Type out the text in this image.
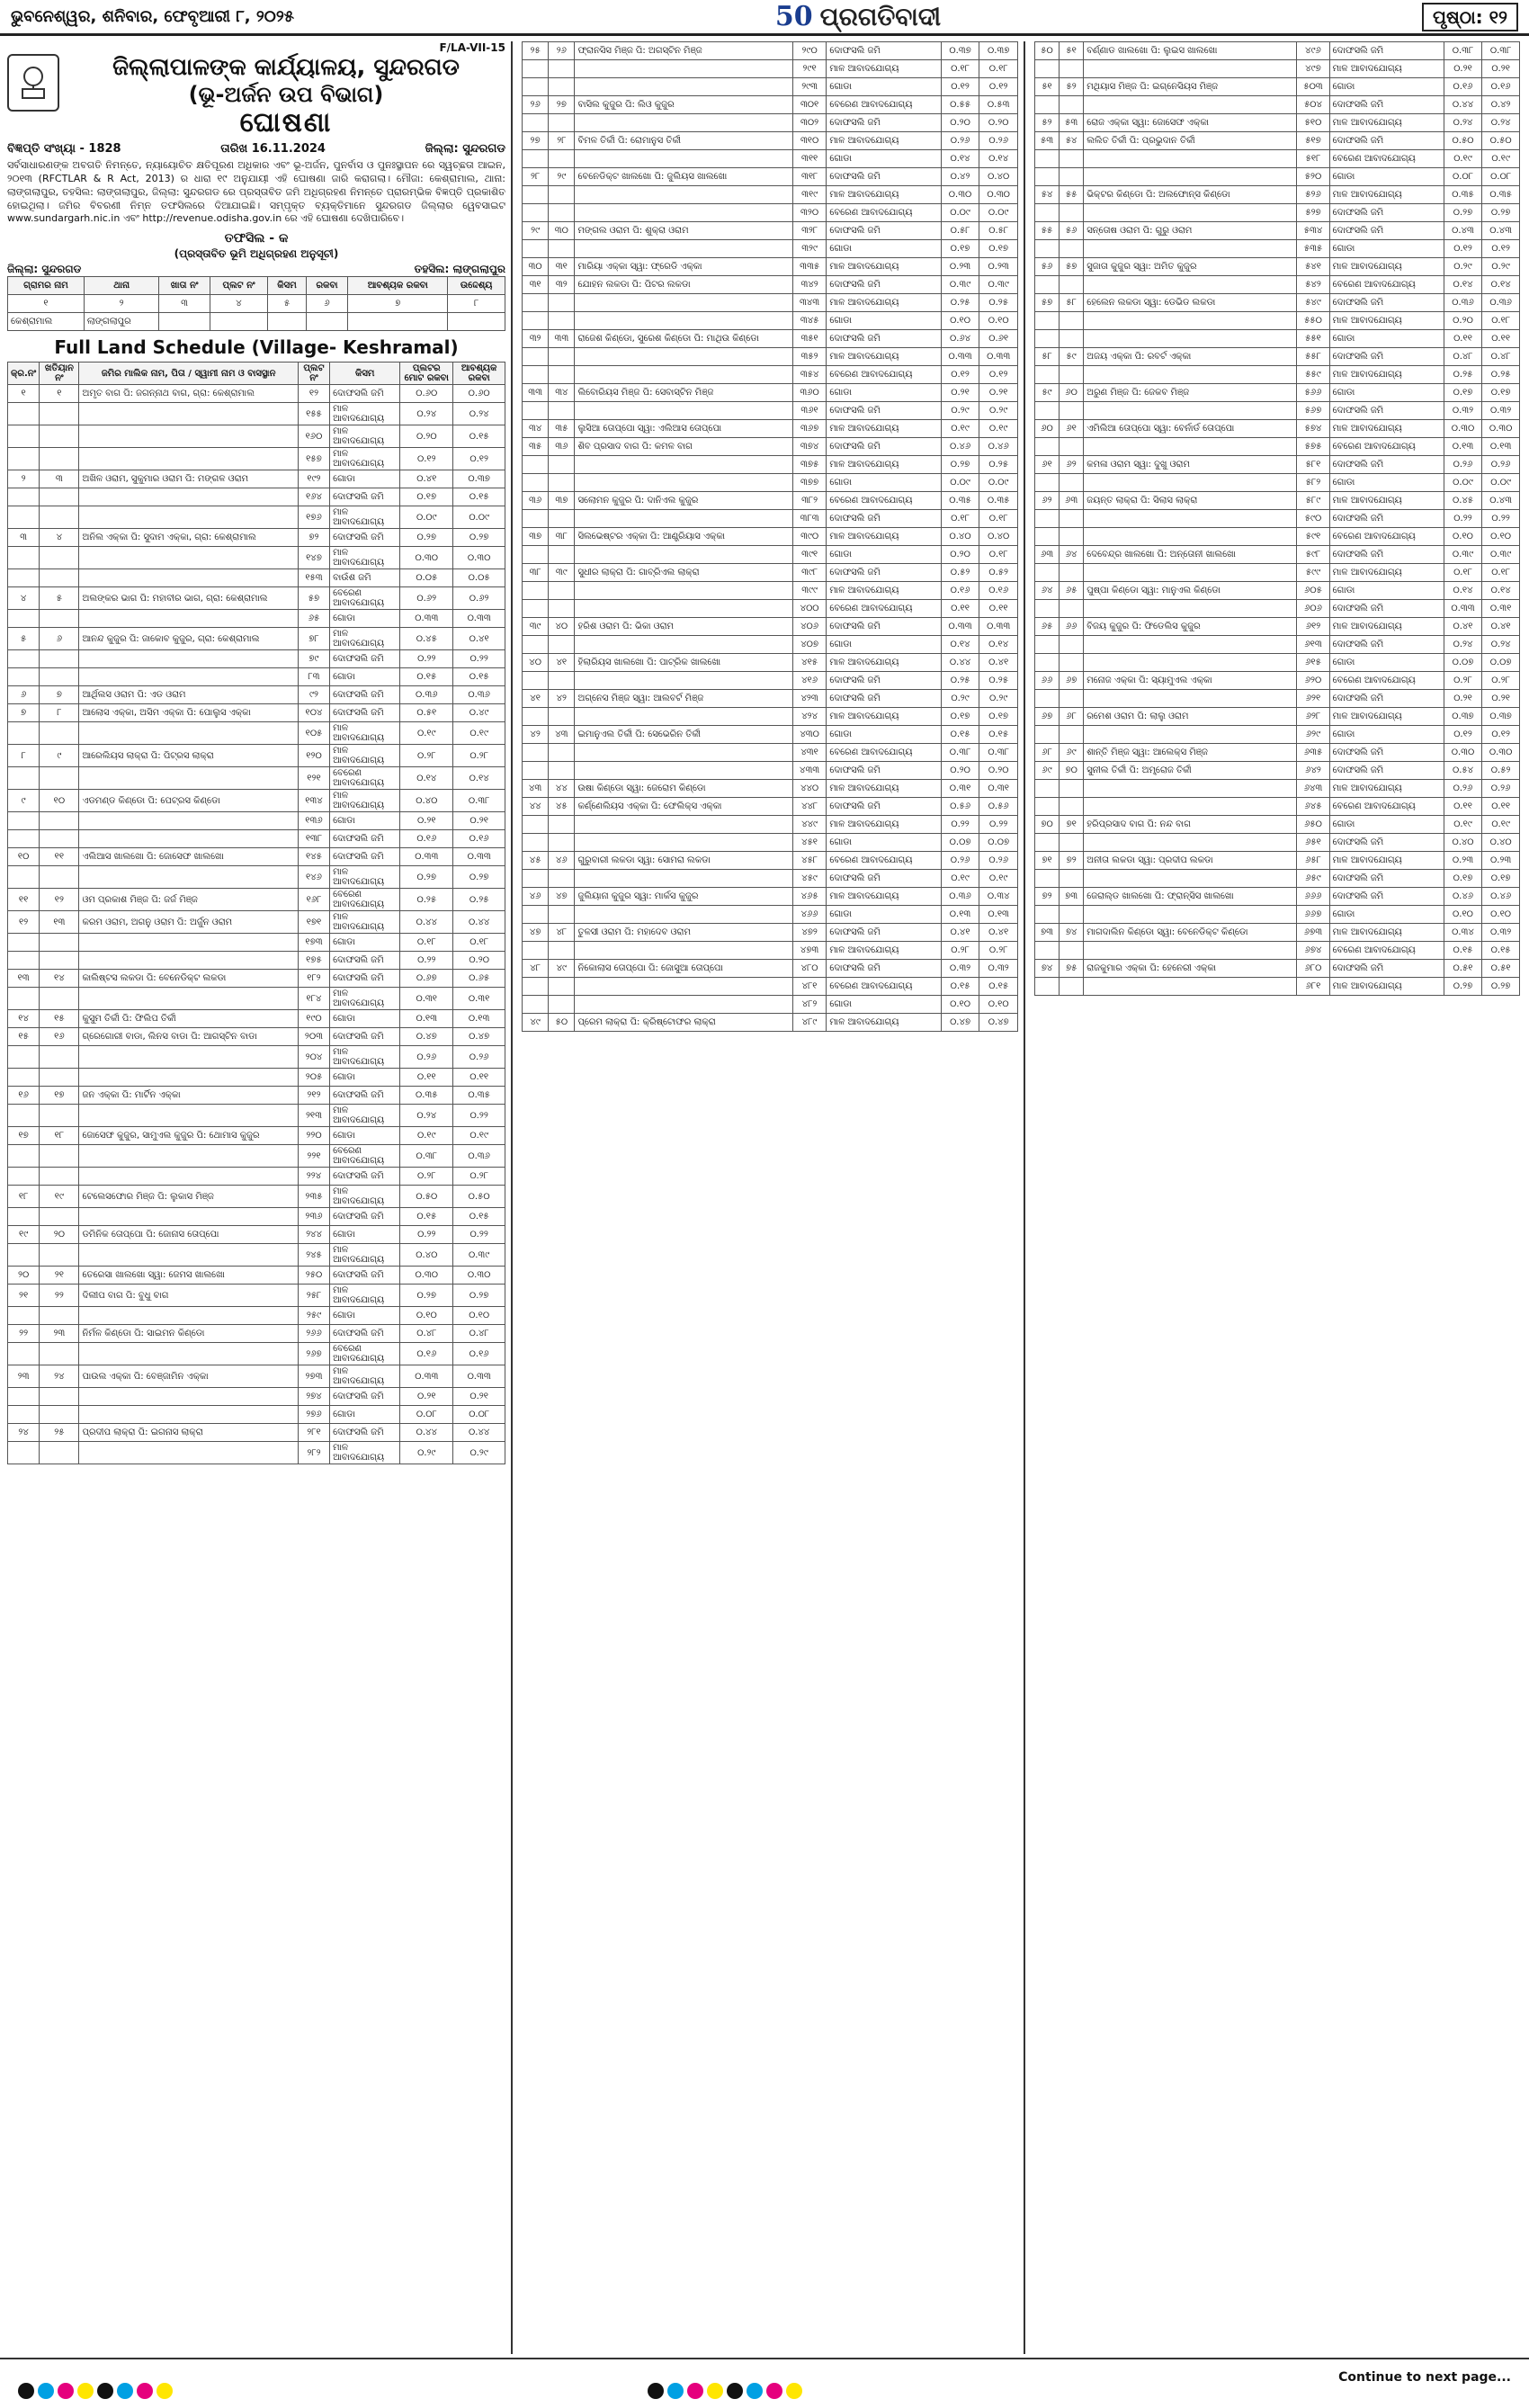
ଭୁବନେଶ୍ୱର, ଶନିବାର, ଫେବୃଆରୀ ୮, ୨୦୨୫	50 ପ୍ରଗତିବାଦୀ	ପୃଷ୍ଠା: ୧୨
F/LA-VII-15
ଜିଲ୍ଲାପାଳଙ୍କ କାର୍ଯ୍ୟାଳୟ, ସୁନ୍ଦରଗଡ
(ଭୂ-ଅର୍ଜନ ଉପ ବିଭାଗ)
ଘୋଷଣା
ବିଜ୍ଞପ୍ତି ସଂଖ୍ୟା - 1828	ତାରିଖ 16.11.2024	ଜିଲ୍ଲା: ସୁନ୍ଦରଗଡ
ସର୍ବସାଧାରଣଙ୍କ ଅବଗତି ନିମନ୍ତେ, ନ୍ୟାୟୋଚିତ କ୍ଷତିପୂରଣ ଅଧିକାର ଏବଂ ଭୂ-ଅର୍ଜନ, ପୁନର୍ବାସ ଓ ପୁନଃସ୍ଥାପନ ରେ ସ୍ୱଚ୍ଛତା ଆଇନ, ୨୦୧୩ (RFCTLAR & R Act, 2013) ର ଧାରା ୧୯ ଅନୁଯାୟୀ ଏହି ଘୋଷଣା ଜାରି କରାଗଲା। ମୌଜା: କେଶ୍ରାମାଲ, ଥାନା: ଲାଙ୍ଗଲାପୁର, ତହସିଲ: ଲାଙ୍ଗଲାପୁର, ଜିଲ୍ଲା: ସୁନ୍ଦରଗଡ ରେ ପ୍ରସ୍ତାବିତ ଜମି ଅଧିଗ୍ରହଣ ନିମନ୍ତେ ପ୍ରାରମ୍ଭିକ ବିଜ୍ଞପ୍ତି ପ୍ରକାଶିତ ହୋଇଥିଲା। ଜମିର ବିବରଣୀ ନିମ୍ନ ତଫସିଲରେ ଦିଆଯାଇଛି। ସମ୍ପୃକ୍ତ ବ୍ୟକ୍ତିମାନେ ସୁନ୍ଦରଗଡ ଜିଲ୍ଲାର ୱେବସାଇଟ www.sundargarh.nic.in ଏବଂ http://revenue.odisha.gov.in ରେ ଏହି ଘୋଷଣା ଦେଖିପାରିବେ।
ତଫସିଲ - କ
(ପ୍ରସ୍ତାବିତ ଭୂମି ଅଧିଗ୍ରହଣ ଅନୁସୂଚୀ)
ଜିଲ୍ଲା: ସୁନ୍ଦରଗଡ	ତହସିଲ: ଲାଙ୍ଗଲାପୁର
ଗ୍ରାମର ନାମ	ଥାନା	ଖାତା ନଂ	ପ୍ଲଟ ନଂ	କିସମ	ରକବା	ଆବଶ୍ୟକ ରକବା	ଉଦ୍ଦେଶ୍ୟ
୧	୨	୩	୪	୫	୬	୭	୮
କେଶ୍ରାମାଲ	ଲାଙ୍ଗଲାପୁର						
Full Land Schedule (Village- Keshramal)
କ୍ର.ନଂ	ଖତିୟାନ ନଂ	ଜମିର ମାଲିକ ନାମ, ପିତା / ସ୍ୱାମୀ ନାମ ଓ ବାସସ୍ଥାନ	ପ୍ଲଟ ନଂ	କିସମ	ପ୍ଲଟର ମୋଟ ରକବା	ଆବଶ୍ୟକ ରକବା
୧	୧	ଅମୃତ ବାଗ ପି: ଜଗନ୍ନାଥ ବାଗ, ଗ୍ରା: କେଶ୍ରାମାଲ	୧୨	ଦୋଫସଲି ଜମି	୦.୬୦	୦.୬୦
			୧୫୫	ମାଳ ଆବାଦଯୋଗ୍ୟ	୦.୨୪	୦.୨୪
			୧୬୦	ମାଳ ଆବାଦଯୋଗ୍ୟ	୦.୨୦	୦.୧୫
			୧୫୭	ମାଳ ଆବାଦଯୋଗ୍ୟ	୦.୧୨	୦.୧୨
୨	୩	ଅଖିଳ ଓରାମ, ସୁକୁମାର ଓରାମ ପି: ମଙ୍ଗଳ ଓରାମ	୧୯୨	ଗୋଡା	୦.୪୧	୦.୩୭
			୧୬୪	ଦୋଫସଲି ଜମି	୦.୧୭	୦.୧୫
			୧୭୬	ମାଳ ଆବାଦଯୋଗ୍ୟ	୦.୦୯	୦.୦୯
୩	୪	ଅନିଲ ଏକ୍କା ପି: ସୁଦାମ ଏକ୍କା, ଗ୍ରା: କେଶ୍ରାମାଲ	୭୨	ଦୋଫସଲି ଜମି	୦.୨୭	୦.୨୭
			୧୪୭	ମାଳ ଆବାଦଯୋଗ୍ୟ	୦.୩୦	୦.୩୦
			୧୫୩	ବାଉଁଶ ଜମି	୦.୦୫	୦.୦୫
୪	୫	ଅଲଙ୍କର ଭାଗ ପି: ମହାବୀର ଭାଗ, ଗ୍ରା: କେଶ୍ରାମାଲ	୫୭	ବେରେଣ ଆବାଦଯୋଗ୍ୟ	୦.୬୨	୦.୬୨
			୬୫	ଗୋଡା	୦.୩୩	୦.୩୩
୫	୬	ଆନନ୍ଦ କୁଜୁର ପି: ଜାକୋବ କୁଜୁର, ଗ୍ରା: କେଶ୍ରାମାଲ	୭୮	ମାଳ ଆବାଦଯୋଗ୍ୟ	୦.୪୫	୦.୪୧
			୭୯	ଦୋଫସଲି ଜମି	୦.୨୨	୦.୨୨
			୮୩	ଗୋଡା	୦.୧୫	୦.୧୫
୬	୭	ଆର୍ଥିଲସ ଓରାମ ପି: ଏଡ ଓରାମ	୯୨	ଦୋଫସଲି ଜମି	୦.୩୬	୦.୩୬
୭	୮	ଆଲୋସ ଏକ୍କା, ଅସିମ ଏକ୍କା ପି: ପୋଲୁସ ଏକ୍କା	୧୦୪	ଦୋଫସଲି ଜମି	୦.୫୧	୦.୪୯
			୧୦୫	ମାଳ ଆବାଦଯୋଗ୍ୟ	୦.୧୯	୦.୧୯
୮	୯	ଆରେଲିୟସ ଲାକ୍ରା ପି: ପିଟ୍ରସ ଲାକ୍ରା	୧୨୦	ମାଳ ଆବାଦଯୋଗ୍ୟ	୦.୨୮	୦.୨୮
			୧୨୧	ବେରେଣ ଆବାଦଯୋଗ୍ୟ	୦.୧୪	୦.୧୪
୯	୧୦	ଏଡମଣ୍ଡ କିଣ୍ଡୋ ପି: ପେଟ୍ରସ କିଣ୍ଡୋ	୧୩୪	ମାଳ ଆବାଦଯୋଗ୍ୟ	୦.୪୦	୦.୩୮
			୧୩୬	ଗୋଡା	୦.୨୧	୦.୨୧
			୧୩୮	ଦୋଫସଲି ଜମି	୦.୧୬	୦.୧୬
୧୦	୧୧	ଏଲିଆସ ଖାଲଖୋ ପି: ଜୋସେଫ ଖାଲଖୋ	୧୪୫	ଦୋଫସଲି ଜମି	୦.୩୩	୦.୩୩
			୧୪୬	ମାଳ ଆବାଦଯୋଗ୍ୟ	୦.୨୭	୦.୨୭
୧୧	୧୨	ଓମ ପ୍ରକାଶ ମିଞ୍ଜ ପି: ଜର୍ଜ ମିଞ୍ଜ	୧୬୮	ବେରେଣ ଆବାଦଯୋଗ୍ୟ	୦.୨୫	୦.୨୫
୧୨	୧୩	କରମ ଓରାମ, ଅଗନୁ ଓରାମ ପି: ଅର୍ଜୁନ ଓରାମ	୧୭୧	ମାଳ ଆବାଦଯୋଗ୍ୟ	୦.୪୪	୦.୪୪
			୧୭୩	ଗୋଡା	୦.୧୮	୦.୧୮
			୧୭୫	ଦୋଫସଲି ଜମି	୦.୨୨	୦.୨୦
୧୩	୧୪	କାଲିଷ୍ଟସ ଲକଡା ପି: ବେନେଡିକ୍ଟ ଲକଡା	୧୮୨	ଦୋଫସଲି ଜମି	୦.୬୭	୦.୬୫
			୧୮୪	ମାଳ ଆବାଦଯୋଗ୍ୟ	୦.୩୧	୦.୩୧
୧୪	୧୫	କୁସୁମ ତିର୍କୀ ପି: ଫିଲିପ ତିର୍କୀ	୧୯୦	ଗୋଡା	୦.୧୩	୦.୧୩
୧୫	୧୬	ଗ୍ରେଗୋରୀ ବାଡା, ଲିନସ ବାଡା ପି: ଆଗସ୍ଟିନ ବାଡା	୨୦୩	ଦୋଫସଲି ଜମି	୦.୪୭	୦.୪୭
			୨୦୪	ମାଳ ଆବାଦଯୋଗ୍ୟ	୦.୨୬	୦.୨୬
			୨୦୫	ଗୋଡା	୦.୧୧	୦.୧୧
୧୬	୧୭	ଜନ ଏକ୍କା ପି: ମାର୍ଟିନ ଏକ୍କା	୨୧୨	ଦୋଫସଲି ଜମି	୦.୩୫	୦.୩୫
			୨୧୩	ମାଳ ଆବାଦଯୋଗ୍ୟ	୦.୨୪	୦.୨୨
୧୭	୧୮	ଜୋସେଫ କୁଜୁର, ସାମୁଏଲ କୁଜୁର ପି: ଥୋମାସ କୁଜୁର	୨୨୦	ଗୋଡା	୦.୧୯	୦.୧୯
			୨୨୧	ବେରେଣ ଆବାଦଯୋଗ୍ୟ	୦.୩୮	୦.୩୬
			୨୨୪	ଦୋଫସଲି ଜମି	୦.୨୮	୦.୨୮
୧୮	୧୯	ଟେଲେସଫୋର ମିଞ୍ଜ ପି: ଲୁକାସ ମିଞ୍ଜ	୨୩୫	ମାଳ ଆବାଦଯୋଗ୍ୟ	୦.୫୦	୦.୫୦
			୨୩୬	ଦୋଫସଲି ଜମି	୦.୧୫	୦.୧୫
୧୯	୨୦	ଡମିନିକ ତୋପ୍ପୋ ପି: ଜୋନାସ ତୋପ୍ପୋ	୨୪୪	ଗୋଡା	୦.୨୨	୦.୨୨
			୨୪୫	ମାଳ ଆବାଦଯୋଗ୍ୟ	୦.୪୦	୦.୩୯
୨୦	୨୧	ତେରେସା ଖାଲଖୋ ସ୍ୱା: ଜେମସ ଖାଲଖୋ	୨୫୦	ଦୋଫସଲି ଜମି	୦.୩୦	୦.୩୦
୨୧	୨୨	ଦିଲୀପ ବାଗ ପି: ବୁଧୁ ବାଗ	୨୫୮	ମାଳ ଆବାଦଯୋଗ୍ୟ	୦.୨୭	୦.୨୭
			୨୫୯	ଗୋଡା	୦.୧୦	୦.୧୦
୨୨	୨୩	ନିର୍ମଳ କିଣ୍ଡୋ ପି: ସାଇମନ କିଣ୍ଡୋ	୨୬୬	ଦୋଫସଲି ଜମି	୦.୪୮	୦.୪୮
			୨୬୭	ବେରେଣ ଆବାଦଯୋଗ୍ୟ	୦.୧୬	୦.୧୬
୨୩	୨୪	ପାଉଲ ଏକ୍କା ପି: ବେଞ୍ଜାମିନ ଏକ୍କା	୨୭୩	ମାଳ ଆବାଦଯୋଗ୍ୟ	୦.୩୩	୦.୩୩
			୨୭୪	ଦୋଫସଲି ଜମି	୦.୨୧	୦.୨୧
			୨୭୬	ଗୋଡା	୦.୦୮	୦.୦୮
୨୪	୨୫	ପ୍ରଦୀପ ଲାକ୍ରା ପି: ଇଗନାସ ଲାକ୍ରା	୨୮୧	ଦୋଫସଲି ଜମି	୦.୪୪	୦.୪୪
			୨୮୨	ମାଳ ଆବାଦଯୋଗ୍ୟ	୦.୨୯	୦.୨୯
୨୫	୨୬	ଫ୍ରାନସିସ ମିଞ୍ଜ ପି: ଅଗସ୍ଟିନ ମିଞ୍ଜ	୨୯୦	ଦୋଫସଲି ଜମି	୦.୩୭	୦.୩୭
			୨୯୧	ମାଳ ଆବାଦଯୋଗ୍ୟ	୦.୧୮	୦.୧୮
			୨୯୩	ଗୋଡା	୦.୧୨	୦.୧୨
୨୬	୨୭	ବାସିଲ କୁଜୁର ପି: ଲିଓ କୁଜୁର	୩୦୧	ବେରେଣ ଆବାଦଯୋଗ୍ୟ	୦.୫୫	୦.୫୩
			୩୦୨	ଦୋଫସଲି ଜମି	୦.୨୦	୦.୨୦
୨୭	୨୮	ବିମଳ ତିର୍କୀ ପି: ରୋମାନୁସ ତିର୍କୀ	୩୧୦	ମାଳ ଆବାଦଯୋଗ୍ୟ	୦.୨୬	୦.୨୬
			୩୧୧	ଗୋଡା	୦.୧୪	୦.୧୪
୨୮	୨୯	ବେନେଡିକ୍ଟ ଖାଲଖୋ ପି: ଜୁଲିୟସ ଖାଲଖୋ	୩୧୮	ଦୋଫସଲି ଜମି	୦.୪୨	୦.୪୦
			୩୧୯	ମାଳ ଆବାଦଯୋଗ୍ୟ	୦.୩୦	୦.୩୦
			୩୨୦	ବେରେଣ ଆବାଦଯୋଗ୍ୟ	୦.୦୯	୦.୦୯
୨୯	୩୦	ମଙ୍ଗଲ ଓରାମ ପି: ଶୁକ୍ରା ଓରାମ	୩୨୮	ଦୋଫସଲି ଜମି	୦.୫୮	୦.୫୮
			୩୨୯	ଗୋଡା	୦.୧୭	୦.୧୭
୩୦	୩୧	ମାରିୟା ଏକ୍କା ସ୍ୱା: ଫ୍ରେଡି ଏକ୍କା	୩୩୫	ମାଳ ଆବାଦଯୋଗ୍ୟ	୦.୨୩	୦.୨୩
୩୧	୩୨	ଯୋହନ ଲକଡା ପି: ପିଟର ଲକଡା	୩୪୨	ଦୋଫସଲି ଜମି	୦.୩୯	୦.୩୯
			୩୪୩	ମାଳ ଆବାଦଯୋଗ୍ୟ	୦.୨୫	୦.୨୫
			୩୪୫	ଗୋଡା	୦.୧୦	୦.୧୦
୩୨	୩୩	ରାଜେଶ କିଣ୍ଡୋ, ସୁରେଶ କିଣ୍ଡୋ ପି: ମାଥିଉ କିଣ୍ଡୋ	୩୫୧	ଦୋଫସଲି ଜମି	୦.୬୪	୦.୬୧
			୩୫୨	ମାଳ ଆବାଦଯୋଗ୍ୟ	୦.୩୩	୦.୩୩
			୩୫୪	ବେରେଣ ଆବାଦଯୋଗ୍ୟ	୦.୧୨	୦.୧୨
୩୩	୩୪	ଲିବୋରିୟସ ମିଞ୍ଜ ପି: ସେବାସ୍ଟିନ ମିଞ୍ଜ	୩୬୦	ଗୋଡା	୦.୨୧	୦.୨୧
			୩୬୧	ଦୋଫସଲି ଜମି	୦.୨୯	୦.୨୯
୩୪	୩୫	ଲୁସିଆ ତୋପ୍ପୋ ସ୍ୱା: ଏଲିଆସ ତୋପ୍ପୋ	୩୬୭	ମାଳ ଆବାଦଯୋଗ୍ୟ	୦.୧୯	୦.୧୯
୩୫	୩୬	ଶିବ ପ୍ରସାଦ ବାଗ ପି: କମଳ ବାଗ	୩୭୪	ଦୋଫସଲି ଜମି	୦.୪୬	୦.୪୬
			୩୭୫	ମାଳ ଆବାଦଯୋଗ୍ୟ	୦.୨୭	୦.୨୫
			୩୭୭	ଗୋଡା	୦.୦୯	୦.୦୯
୩୬	୩୭	ସଲୋମନ କୁଜୁର ପି: ଦାନିଏଲ କୁଜୁର	୩୮୨	ବେରେଣ ଆବାଦଯୋଗ୍ୟ	୦.୩୫	୦.୩୫
			୩୮୩	ଦୋଫସଲି ଜମି	୦.୧୮	୦.୧୮
୩୭	୩୮	ସିଲଭେଷ୍ଟର ଏକ୍କା ପି: ଆଣ୍ଡ୍ରିୟାସ ଏକ୍କା	୩୯୦	ମାଳ ଆବାଦଯୋଗ୍ୟ	୦.୪୦	୦.୪୦
			୩୯୧	ଗୋଡା	୦.୨୦	୦.୧୮
୩୮	୩୯	ସୁଧୀର ଲାକ୍ରା ପି: ଗାବ୍ରିଏଲ ଲାକ୍ରା	୩୯୮	ଦୋଫସଲି ଜମି	୦.୫୨	୦.୫୨
			୩୯୯	ମାଳ ଆବାଦଯୋଗ୍ୟ	୦.୧୬	୦.୧୬
			୪୦୦	ବେରେଣ ଆବାଦଯୋଗ୍ୟ	୦.୧୧	୦.୧୧
୩୯	୪୦	ହରିଶ ଓରାମ ପି: ଭିକା ଓରାମ	୪୦୬	ଦୋଫସଲି ଜମି	୦.୩୩	୦.୩୩
			୪୦୭	ଗୋଡା	୦.୧୪	୦.୧୪
୪୦	୪୧	ହିଲାରିୟସ ଖାଲଖୋ ପି: ପାଟ୍ରିକ ଖାଲଖୋ	୪୧୫	ମାଳ ଆବାଦଯୋଗ୍ୟ	୦.୪୪	୦.୪୧
			୪୧୬	ଦୋଫସଲି ଜମି	୦.୨୫	୦.୨୫
୪୧	୪୨	ଅଗ୍ନେସ ମିଞ୍ଜ ସ୍ୱା: ଆଲବର୍ଟ ମିଞ୍ଜ	୪୨୩	ଦୋଫସଲି ଜମି	୦.୨୯	୦.୨୯
			୪୨୪	ମାଳ ଆବାଦଯୋଗ୍ୟ	୦.୧୭	୦.୧୭
୪୨	୪୩	ଇମାନୁଏଲ ତିର୍କୀ ପି: ସେଭେରିନ ତିର୍କୀ	୪୩୦	ଗୋଡା	୦.୧୫	୦.୧୫
			୪୩୧	ବେରେଣ ଆବାଦଯୋଗ୍ୟ	୦.୩୮	୦.୩୮
			୪୩୩	ଦୋଫସଲି ଜମି	୦.୨୦	୦.୨୦
୪୩	୪୪	ଉଷା କିଣ୍ଡୋ ସ୍ୱା: ଜେରୋମ କିଣ୍ଡୋ	୪୪୦	ମାଳ ଆବାଦଯୋଗ୍ୟ	୦.୩୧	୦.୩୧
୪୪	୪୫	କର୍ଣ୍ଣେଲିୟସ ଏକ୍କା ପି: ଫେଲିକ୍ସ ଏକ୍କା	୪୪୮	ଦୋଫସଲି ଜମି	୦.୫୬	୦.୫୬
			୪୪୯	ମାଳ ଆବାଦଯୋଗ୍ୟ	୦.୨୨	୦.୨୨
			୪୫୧	ଗୋଡା	୦.୦୭	୦.୦୭
୪୫	୪୬	ଗୁରୁବାରୀ ଲକଡା ସ୍ୱା: ସୋମରା ଲକଡା	୪୫୮	ବେରେଣ ଆବାଦଯୋଗ୍ୟ	୦.୨୬	୦.୨୬
			୪୫୯	ଦୋଫସଲି ଜମି	୦.୧୯	୦.୧୯
୪୬	୪୭	ଜୁଲିୟାନା କୁଜୁର ସ୍ୱା: ମାର୍କସ କୁଜୁର	୪୬୫	ମାଳ ଆବାଦଯୋଗ୍ୟ	୦.୩୬	୦.୩୪
			୪୬୬	ଗୋଡା	୦.୧୩	୦.୧୩
୪୭	୪୮	ତୁଳସୀ ଓରାମ ପି: ମହାଦେବ ଓରାମ	୪୭୨	ଦୋଫସଲି ଜମି	୦.୪୧	୦.୪୧
			୪୭୩	ମାଳ ଆବାଦଯୋଗ୍ୟ	୦.୨୮	୦.୨୮
୪୮	୪୯	ନିକୋଲାସ ତୋପ୍ପୋ ପି: ଜୋସୁଆ ତୋପ୍ପୋ	୪୮୦	ଦୋଫସଲି ଜମି	୦.୩୨	୦.୩୨
			୪୮୧	ବେରେଣ ଆବାଦଯୋଗ୍ୟ	୦.୧୫	୦.୧୫
			୪୮୨	ଗୋଡା	୦.୧୦	୦.୧୦
୪୯	୫୦	ପ୍ରେମ ଲାକ୍ରା ପି: କ୍ରିଷ୍ଟୋଫର ଲାକ୍ରା	୪୮୯	ମାଳ ଆବାଦଯୋଗ୍ୟ	୦.୪୭	୦.୪୭
୫୦	୫୧	ବର୍ଣ୍ଣାଡ ଖାଲଖୋ ପି: ଲୁଇସ ଖାଲଖୋ	୪୯୬	ଦୋଫସଲି ଜମି	୦.୩୮	୦.୩୮
			୪୯୭	ମାଳ ଆବାଦଯୋଗ୍ୟ	୦.୨୧	୦.୨୧
୫୧	୫୨	ମଥିୟାସ ମିଞ୍ଜ ପି: ଇଗ୍ନେସିୟସ ମିଞ୍ଜ	୫୦୩	ଗୋଡା	୦.୧୬	୦.୧୬
			୫୦୪	ଦୋଫସଲି ଜମି	୦.୪୪	୦.୪୨
୫୨	୫୩	ରୋଜ ଏକ୍କା ସ୍ୱା: ଜୋସେଫ ଏକ୍କା	୫୧୦	ମାଳ ଆବାଦଯୋଗ୍ୟ	୦.୨୪	୦.୨୪
୫୩	୫୪	ଲଲିତ ତିର୍କୀ ପି: ପ୍ରଭୁଦାନ ତିର୍କୀ	୫୧୭	ଦୋଫସଲି ଜମି	୦.୫୦	୦.୫୦
			୫୧୮	ବେରେଣ ଆବାଦଯୋଗ୍ୟ	୦.୧୯	୦.୧୯
			୫୨୦	ଗୋଡା	୦.୦୮	୦.୦୮
୫୪	୫୫	ଭିକ୍ଟର କିଣ୍ଡୋ ପି: ଅଲଫୋନ୍ସ କିଣ୍ଡୋ	୫୨୬	ମାଳ ଆବାଦଯୋଗ୍ୟ	୦.୩୫	୦.୩୫
			୫୨୭	ଦୋଫସଲି ଜମି	୦.୨୭	୦.୨୭
୫୫	୫୬	ସନ୍ତୋଷ ଓରାମ ପି: ଗୁରୁ ଓରାମ	୫୩୪	ଦୋଫସଲି ଜମି	୦.୪୩	୦.୪୩
			୫୩୫	ଗୋଡା	୦.୧୨	୦.୧୨
୫୬	୫୭	ସୁଜାତା କୁଜୁର ସ୍ୱା: ଅମିତ କୁଜୁର	୫୪୧	ମାଳ ଆବାଦଯୋଗ୍ୟ	୦.୨୯	୦.୨୯
			୫୪୨	ବେରେଣ ଆବାଦଯୋଗ୍ୟ	୦.୧୪	୦.୧୪
୫୭	୫୮	ହେଲେନ ଲକଡା ସ୍ୱା: ଡେଭିଡ ଲକଡା	୫୪୯	ଦୋଫସଲି ଜମି	୦.୩୬	୦.୩୬
			୫୫୦	ମାଳ ଆବାଦଯୋଗ୍ୟ	୦.୨୦	୦.୧୮
			୫୫୧	ଗୋଡା	୦.୧୧	୦.୧୧
୫୮	୫୯	ଅଜୟ ଏକ୍କା ପି: ରବର୍ଟ ଏକ୍କା	୫୫୮	ଦୋଫସଲି ଜମି	୦.୪୮	୦.୪୮
			୫୫୯	ମାଳ ଆବାଦଯୋଗ୍ୟ	୦.୨୫	୦.୨୫
୫୯	୬୦	ଅରୁଣ ମିଞ୍ଜ ପି: ଜେକବ ମିଞ୍ଜ	୫୬୬	ଗୋଡା	୦.୧୭	୦.୧୭
			୫୬୭	ଦୋଫସଲି ଜମି	୦.୩୨	୦.୩୨
୬୦	୬୧	ଏମିଲିଆ ତୋପ୍ପୋ ସ୍ୱା: ବେର୍ନାର୍ଡ ତୋପ୍ପୋ	୫୭୪	ମାଳ ଆବାଦଯୋଗ୍ୟ	୦.୩୦	୦.୩୦
			୫୭୫	ବେରେଣ ଆବାଦଯୋଗ୍ୟ	୦.୧୩	୦.୧୩
୬୧	୬୨	କମଳା ଓରାମ ସ୍ୱା: ଦୁଖୁ ଓରାମ	୫୮୧	ଦୋଫସଲି ଜମି	୦.୨୬	୦.୨୬
			୫୮୨	ଗୋଡା	୦.୦୯	୦.୦୯
୬୨	୬୩	ଜୟନ୍ତ ଲାକ୍ରା ପି: ସିଲାସ ଲାକ୍ରା	୫୮୯	ମାଳ ଆବାଦଯୋଗ୍ୟ	୦.୪୫	୦.୪୩
			୫୯୦	ଦୋଫସଲି ଜମି	୦.୨୨	୦.୨୨
			୫୯୧	ବେରେଣ ଆବାଦଯୋଗ୍ୟ	୦.୧୦	୦.୧୦
୬୩	୬୪	ଦେବେନ୍ଦ୍ର ଖାଲଖୋ ପି: ଅନ୍ତୋନୀ ଖାଲଖୋ	୫୯୮	ଦୋଫସଲି ଜମି	୦.୩୯	୦.୩୯
			୫୯୯	ମାଳ ଆବାଦଯୋଗ୍ୟ	୦.୧୮	୦.୧୮
୬୪	୬୫	ପୁଷ୍ପା କିଣ୍ଡୋ ସ୍ୱା: ମାନୁଏଲ କିଣ୍ଡୋ	୬୦୫	ଗୋଡା	୦.୧୪	୦.୧୪
			୬୦୬	ଦୋଫସଲି ଜମି	୦.୩୩	୦.୩୧
୬୫	୬୬	ବିଜୟ କୁଜୁର ପି: ଫିଡେଲିସ କୁଜୁର	୬୧୨	ମାଳ ଆବାଦଯୋଗ୍ୟ	୦.୪୧	୦.୪୧
			୬୧୩	ଦୋଫସଲି ଜମି	୦.୨୪	୦.୨୪
			୬୧୫	ଗୋଡା	୦.୦୭	୦.୦୭
୬୬	୬୭	ମନୋଜ ଏକ୍କା ପି: ସ୍ୟାମୁଏଲ ଏକ୍କା	୬୨୦	ବେରେଣ ଆବାଦଯୋଗ୍ୟ	୦.୨୮	୦.୨୮
			୬୨୧	ଦୋଫସଲି ଜମି	୦.୨୧	୦.୨୧
୬୭	୬୮	ରମେଶ ଓରାମ ପି: ଲାଲୁ ଓରାମ	୬୨୮	ମାଳ ଆବାଦଯୋଗ୍ୟ	୦.୩୭	୦.୩୭
			୬୨୯	ଗୋଡା	୦.୧୨	୦.୧୨
୬୮	୬୯	ଶାନ୍ତି ମିଞ୍ଜ ସ୍ୱା: ଆଲେକ୍ସ ମିଞ୍ଜ	୬୩୫	ଦୋଫସଲି ଜମି	୦.୩୦	୦.୩୦
୬୯	୭୦	ସୁନୀଲ ତିର୍କୀ ପି: ଅମ୍ବ୍ରୋଜ ତିର୍କୀ	୬୪୨	ଦୋଫସଲି ଜମି	୦.୫୪	୦.୫୨
			୬୪୩	ମାଳ ଆବାଦଯୋଗ୍ୟ	୦.୨୬	୦.୨୬
			୬୪୫	ବେରେଣ ଆବାଦଯୋଗ୍ୟ	୦.୧୧	୦.୧୧
୭୦	୭୧	ହରିପ୍ରସାଦ ବାଗ ପି: ନନ୍ଦ ବାଗ	୬୫୦	ଗୋଡା	୦.୧୯	୦.୧୯
			୬୫୧	ଦୋଫସଲି ଜମି	୦.୪୦	୦.୪୦
୭୧	୭୨	ଅନୀତା ଲକଡା ସ୍ୱା: ପ୍ରଦୀପ ଲକଡା	୬୫୮	ମାଳ ଆବାଦଯୋଗ୍ୟ	୦.୨୩	୦.୨୩
			୬୫୯	ଦୋଫସଲି ଜମି	୦.୧୭	୦.୧୭
୭୨	୭୩	ଜେରାଲ୍ଡ ଖାଲଖୋ ପି: ଫ୍ରାନ୍ସିସ ଖାଲଖୋ	୬୬୬	ଦୋଫସଲି ଜମି	୦.୪୬	୦.୪୬
			୬୬୭	ଗୋଡା	୦.୧୦	୦.୧୦
୭୩	୭୪	ମାଗଦାଲିନ କିଣ୍ଡୋ ସ୍ୱା: ବେନେଡିକ୍ଟ କିଣ୍ଡୋ	୬୭୩	ମାଳ ଆବାଦଯୋଗ୍ୟ	୦.୩୪	୦.୩୨
			୬୭୪	ବେରେଣ ଆବାଦଯୋଗ୍ୟ	୦.୧୫	୦.୧୫
୭୪	୭୫	ରାଜକୁମାର ଏକ୍କା ପି: ହେନେରୀ ଏକ୍କା	୬୮୦	ଦୋଫସଲି ଜମି	୦.୫୧	୦.୫୧
			୬୮୧	ମାଳ ଆବାଦଯୋଗ୍ୟ	୦.୨୭	୦.୨୭
Continue to next page...
